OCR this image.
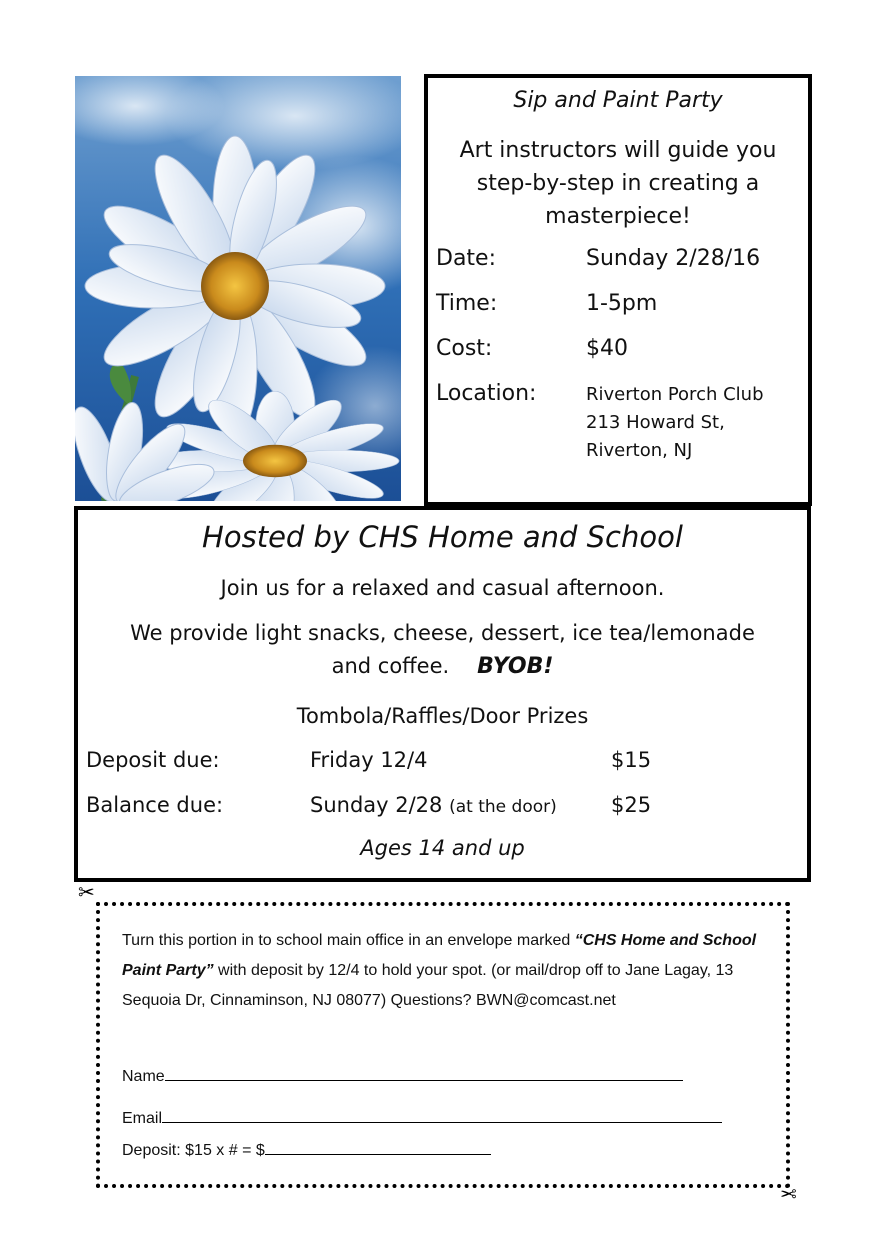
Sip and Paint Party
Art instructors will guide you
step-by-step in creating a
masterpiece!
Date:	Sunday 2/28/16
Time:	1-5pm
Cost:	$40
Location:	Riverton Porch Club
213 Howard St,
Riverton, NJ
Hosted by CHS Home and School
Join us for a relaxed and casual afternoon.
We provide light snacks, cheese, dessert, ice tea/lemonade
and coffee. BYOB!
Tombola/Raffles/Door Prizes
Deposit due:	Friday 12/4	$15
Balance due:	Sunday 2/28 (at the door)	$25
Ages 14 and up
✂
✂
Turn this portion in to school main office in an envelope marked “CHS Home and School Paint Party” with deposit by 12/4 to hold your spot. (or mail/drop off to Jane Lagay, 13 Sequoia Dr, Cinnaminson, NJ 08077) Questions? BWN@comcast.net
Name
Email
Deposit: $15 x # = $
